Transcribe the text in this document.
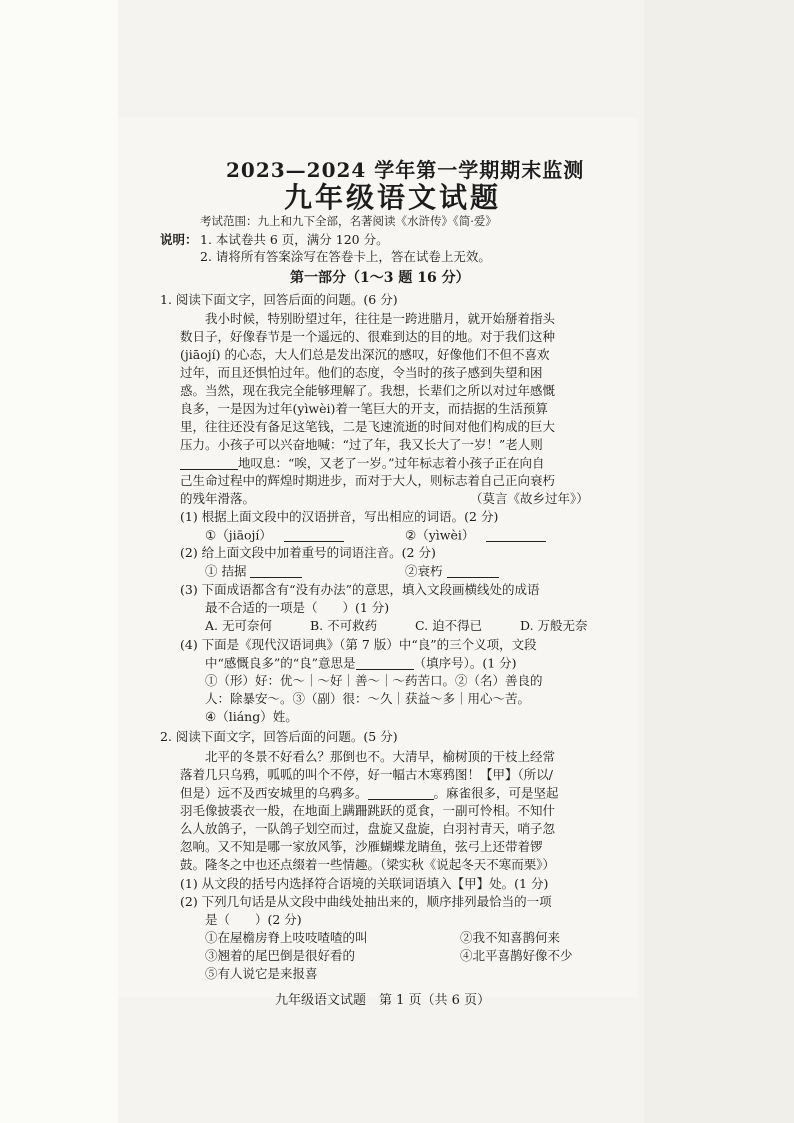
2023—2024 学年第一学期期末监测
九年级语文试题
考试范围：九上和九下全部，名著阅读《水浒传》《简·爱》
说明： 1. 本试卷共 6 页，满分 120 分。
2. 请将所有答案涂写在答卷卡上，答在试卷上无效。
第一部分（1～3 题 16 分）
1. 阅读下面文字，回答后面的问题。(6 分)
我小时候，特别盼望过年，往往是一跨进腊月，就开始掰着指头
数日子，好像春节是一个遥远的、很难到达的目的地。对于我们这种
(jiāojí) 的心态，大人们总是发出深沉的感叹，好像他们不但不喜欢
过年，而且还惧怕过年。他们的态度，令当时的孩子感到失望和困
惑。当然，现在我完全能够理解了。我想，长辈们之所以对过年感慨
良多，一是因为过年(yìwèi)着一笔巨大的开支，而拮据的生活预算
里，往往还没有备足这笔钱，二是飞速流逝的时间对他们构成的巨大
压力。小孩子可以兴奋地喊：“过了年，我又长大了一岁！”老人则
地叹息：“唉，又老了一岁。”过年标志着小孩子正在向自
己生命过程中的辉煌时期进步，而对于大人，则标志着自己正向衰朽
的残年滑落。	（莫言《故乡过年》）
(1) 根据上面文段中的汉语拼音，写出相应的词语。(2 分)
①（jiāojí）	②（yìwèi）
(2) 给上面文段中加着重号的词语注音。(2 分)
① 拮据	②衰朽
(3) 下面成语都含有“没有办法”的意思，填入文段画横线处的成语
最不合适的一项是（　　）(1 分)
A. 无可奈何	B. 不可救药	C. 迫不得已	D. 万般无奈
(4) 下面是《现代汉语词典》（第 7 版）中“良”的三个义项，文段
中“感慨良多”的“良”意思是	（填序号）。(1 分)
①（形）好：优～｜～好｜善～｜～药苦口。②（名）善良的
人：除暴安～。③（副）很：～久｜获益～多｜用心～苦。
④（liáng）姓。
2. 阅读下面文字，回答后面的问题。(5 分)
北平的冬景不好看么？那倒也不。大清早，榆树顶的干枝上经常
落着几只乌鸦，呱呱的叫个不停，好一幅古木寒鸦图！【甲】（所以/
但是）远不及西安城里的乌鸦多。	。麻雀很多，可是坚起
羽毛像披裘衣一般，在地面上蹒跚跳跃的觅食，一副可怜相。不知什
么人放鸽子，一队鸽子划空而过，盘旋又盘旋，白羽衬青天，哨子忽
忽响。又不知是哪一家放风筝，沙雁蝴蝶龙睛鱼，弦弓上还带着锣
鼓。隆冬之中也还点缀着一些情趣。（梁实秋《说起冬天不寒而栗》）
(1) 从文段的括号内选择符合语境的关联词语填入【甲】处。(1 分)
(2) 下列几句话是从文段中曲线处抽出来的，顺序排列最恰当的一项
是（　　）(2 分)
①在屋檐房脊上吱吱喳喳的叫	②我不知喜鹊何来
③翘着的尾巴倒是很好看的	④北平喜鹊好像不少
⑤有人说它是来报喜
九年级语文试题　第 1 页（共 6 页）
